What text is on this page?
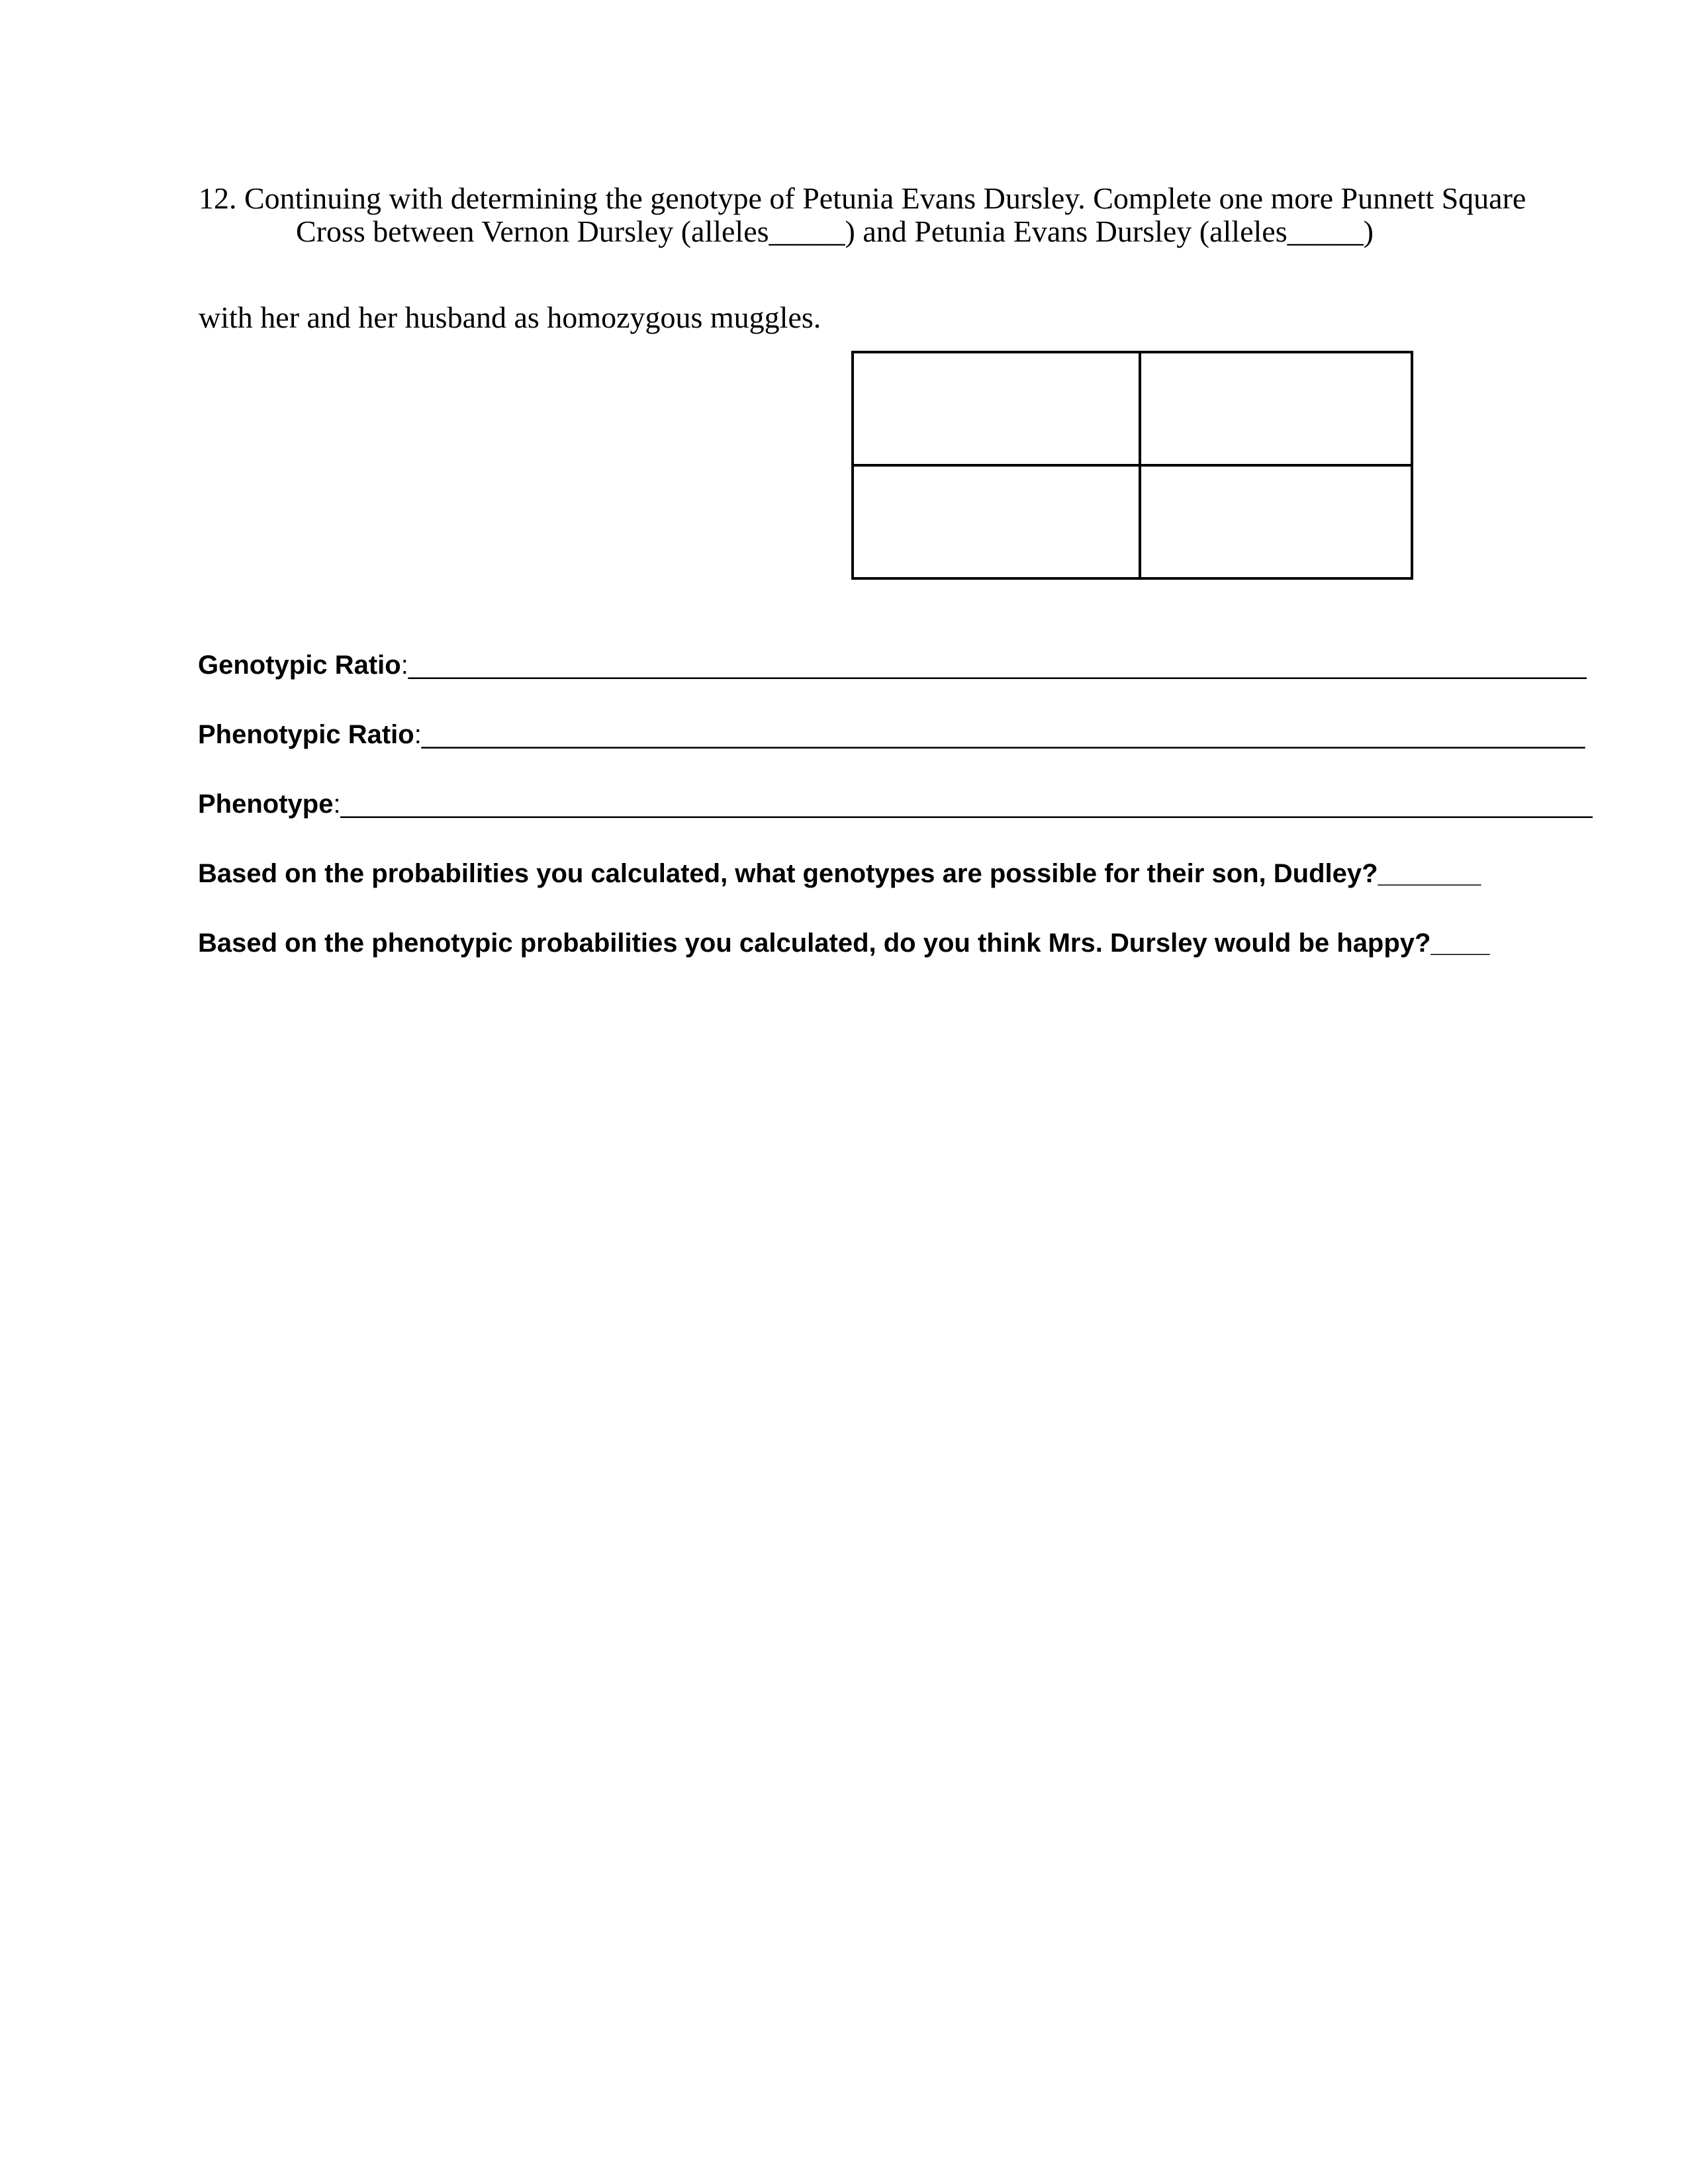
12. Continuing with determining the genotype of Petunia Evans Dursley. Complete one more Punnett Square

with her and her husband as homozygous muggles.

Cross between Vernon Dursley (alleles_____) and Petunia Evans Dursley (alleles_____)

Genotypic Ratio:________________________________________________________________________________
Phenotypic Ratio:_______________________________________________________________________________
Phenotype:_____________________________________________________________________________________
Based on the probabilities you calculated, what genotypes are possible for their son, Dudley?_______
Based on the phenotypic probabilities you calculated, do you think Mrs. Dursley would be happy?____
